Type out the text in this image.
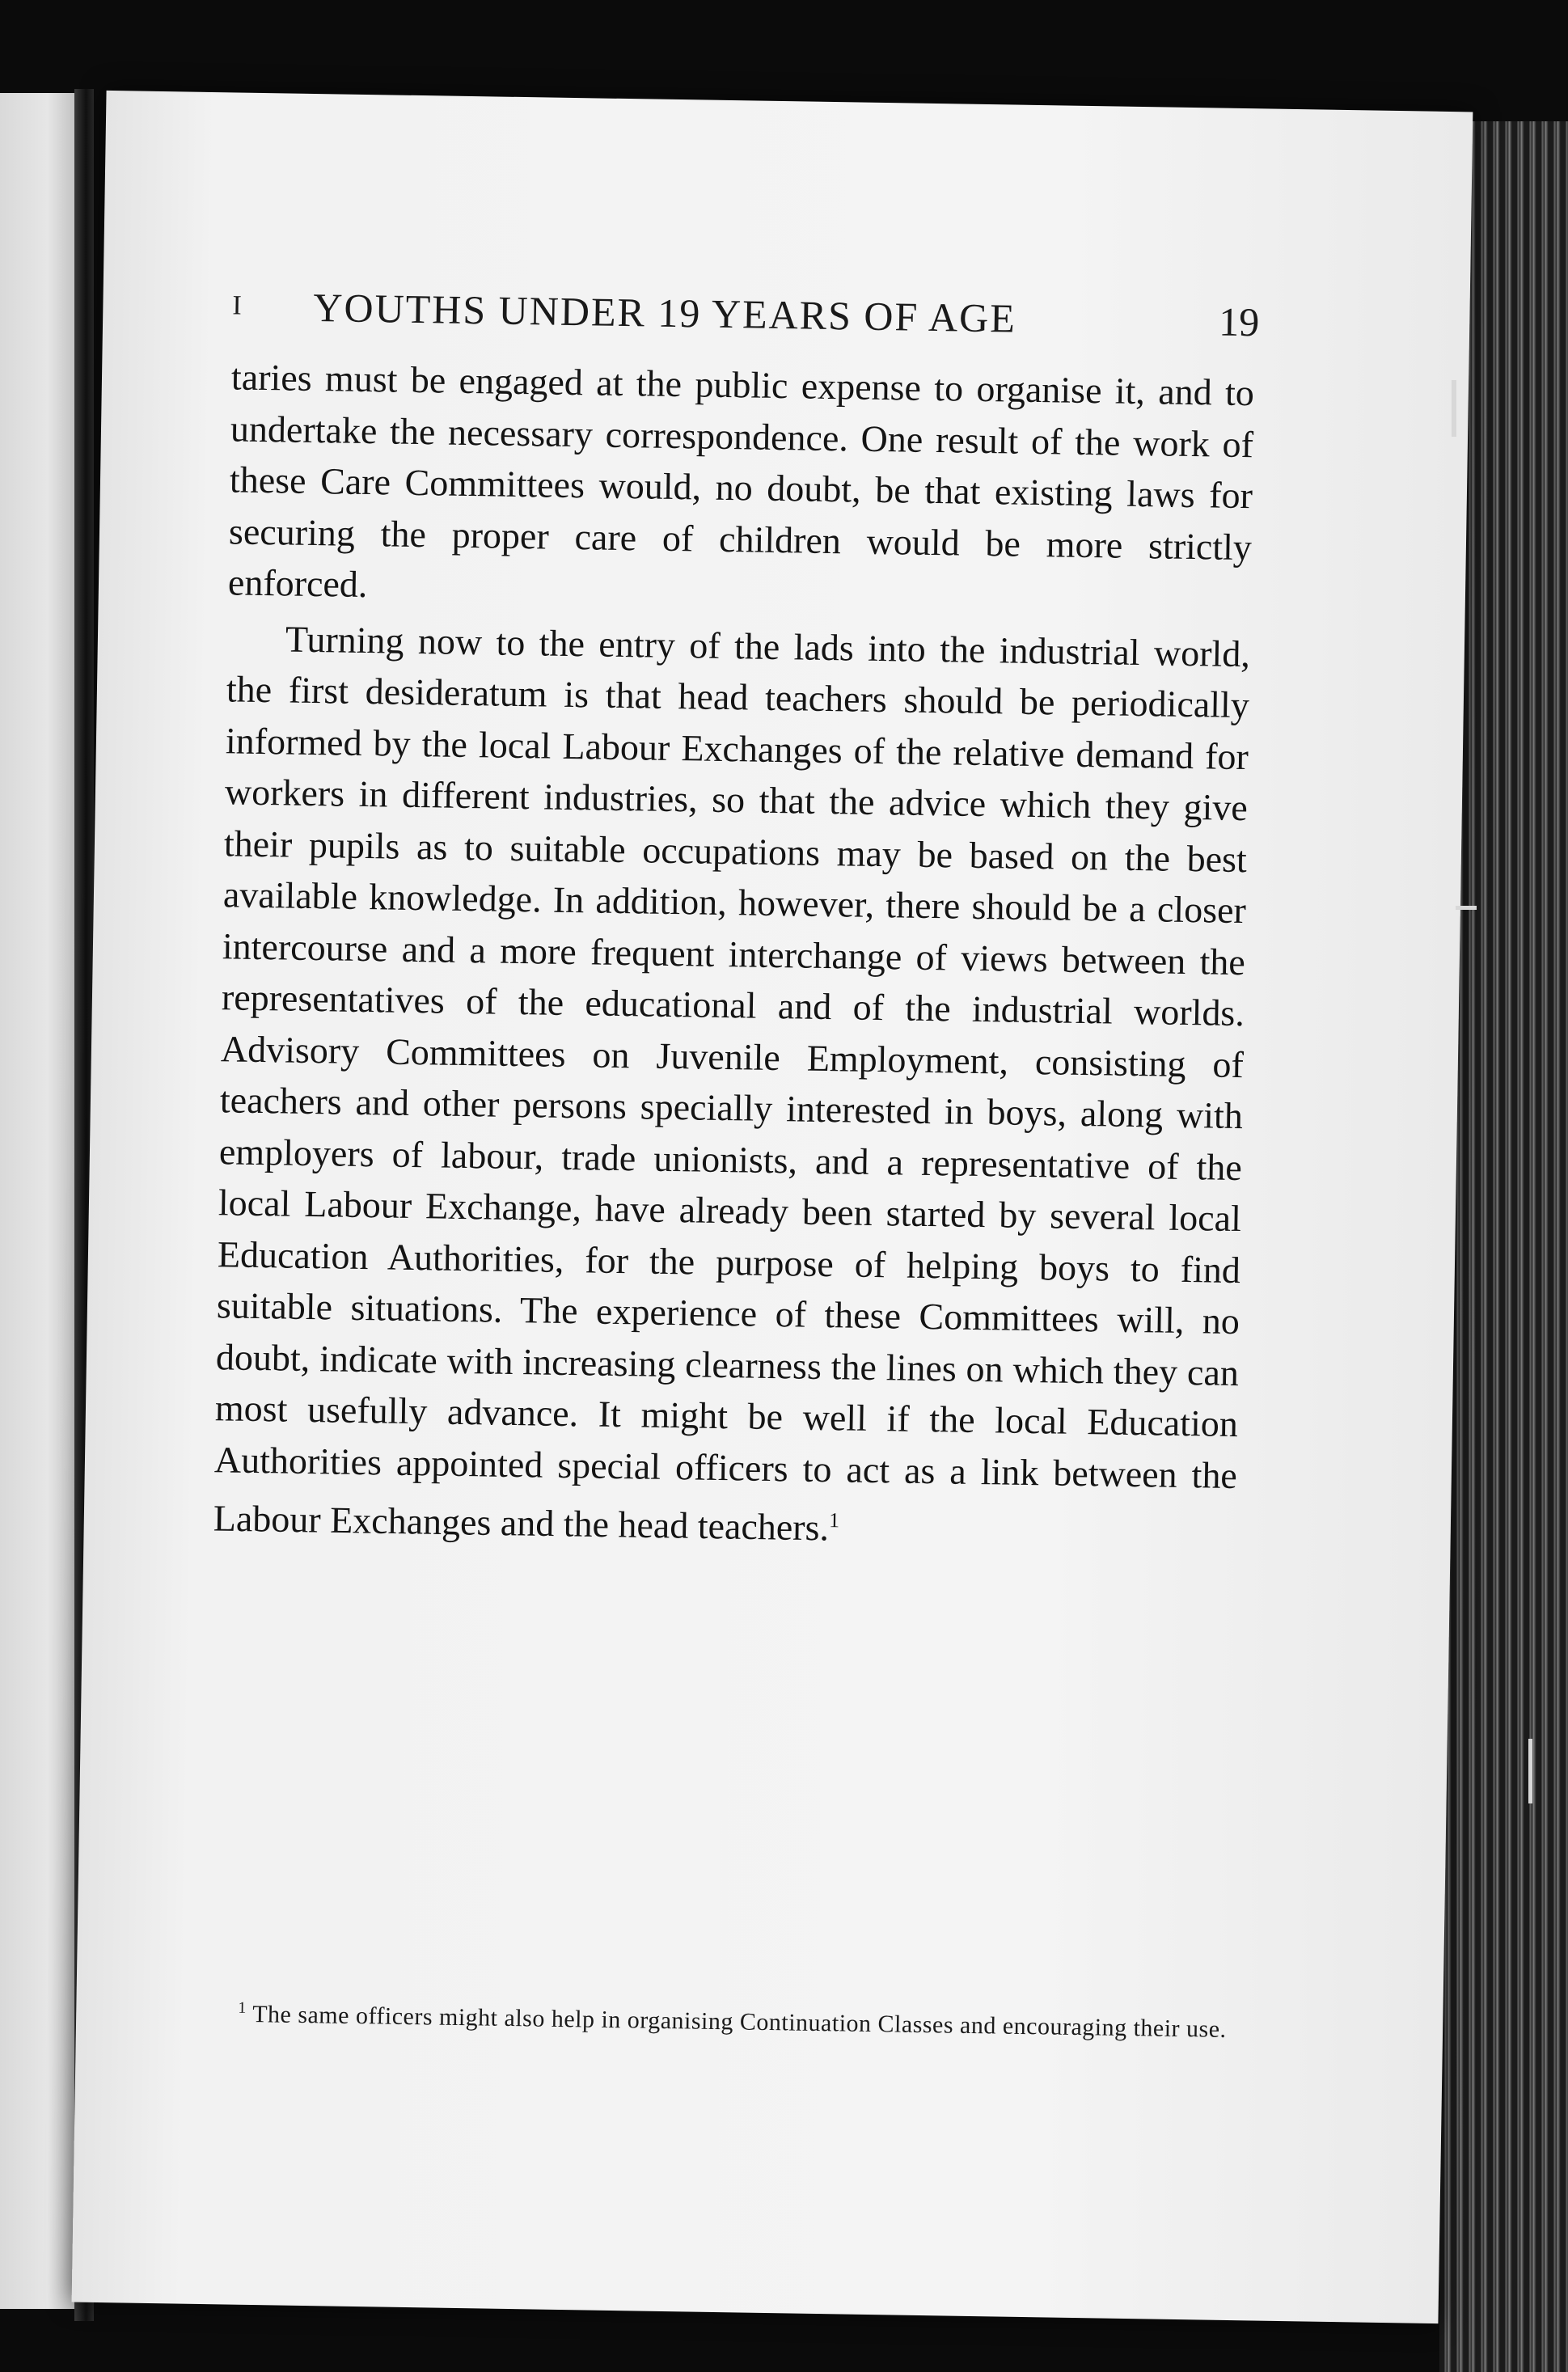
I YOUTHS UNDER 19 YEARS OF AGE	19

taries must be engaged at the public expense to organise it, and to undertake the necessary correspondence. One result of the work of these Care Committees would, no doubt, be that existing laws for securing the proper care of children would be more strictly enforced.

Turning now to the entry of the lads into the industrial world, the first desideratum is that head teachers should be periodically informed by the local Labour Exchanges of the relative demand for workers in different industries, so that the advice which they give their pupils as to suitable occupations may be based on the best available knowledge. In addition, however, there should be a closer intercourse and a more frequent interchange of views between the representatives of the educational and of the industrial worlds. Advisory Committees on Juvenile Employment, consisting of teachers and other persons specially interested in boys, along with employers of labour, trade unionists, and a representative of the local Labour Exchange, have already been started by several local Education Authorities, for the purpose of helping boys to find suitable situations. The experience of these Committees will, no doubt, indicate with increasing clearness the lines on which they can most usefully advance. It might be well if the local Education Authorities appointed special officers to act as a link between the Labour Exchanges and the head teachers.$^1$

$^1$ The same officers might also help in organising Continuation Classes and encouraging their use.
